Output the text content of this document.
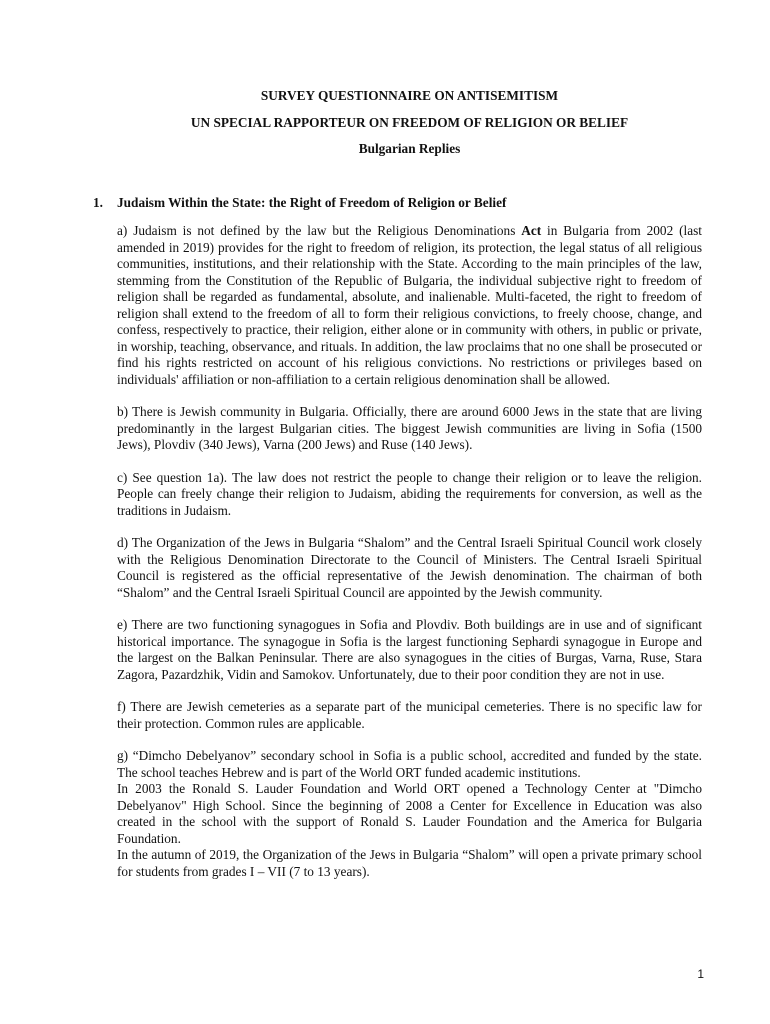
SURVEY QUESTIONNAIRE ON ANTISEMITISM
UN SPECIAL RAPPORTEUR ON FREEDOM OF RELIGION OR BELIEF
Bulgarian Replies
1. Judaism Within the State: the Right of Freedom of Religion or Belief

a) Judaism is not defined by the law but the Religious Denominations Act in Bulgaria from 2002 (last amended in 2019) provides for the right to freedom of religion, its protection, the legal status of all religious communities, institutions, and their relationship with the State. According to the main principles of the law, stemming from the Constitution of the Republic of Bulgaria, the individual subjective right to freedom of religion shall be regarded as fundamental, absolute, and inalienable. Multi-faceted, the right to freedom of religion shall extend to the freedom of all to form their religious convictions, to freely choose, change, and confess, respectively to practice, their religion, either alone or in community with others, in public or private, in worship, teaching, observance, and rituals. In addition, the law proclaims that no one shall be prosecuted or find his rights restricted on account of his religious convictions. No restrictions or privileges based on individuals' affiliation or non-affiliation to a certain religious denomination shall be allowed.

b) There is Jewish community in Bulgaria. Officially, there are around 6000 Jews in the state that are living predominantly in the largest Bulgarian cities. The biggest Jewish communities are living in Sofia (1500 Jews), Plovdiv (340 Jews), Varna (200 Jews) and Ruse (140 Jews).

c) See question 1a). The law does not restrict the people to change their religion or to leave the religion. People can freely change their religion to Judaism, abiding the requirements for conversion, as well as the traditions in Judaism.

d) The Organization of the Jews in Bulgaria “Shalom” and the Central Israeli Spiritual Council work closely with the Religious Denomination Directorate to the Council of Ministers. The Central Israeli Spiritual Council is registered as the official representative of the Jewish denomination. The chairman of both “Shalom” and the Central Israeli Spiritual Council are appointed by the Jewish community.

e) There are two functioning synagogues in Sofia and Plovdiv. Both buildings are in use and of significant historical importance. The synagogue in Sofia is the largest functioning Sephardi synagogue in Europe and the largest on the Balkan Peninsular. There are also synagogues in the cities of Burgas, Varna, Ruse, Stara Zagora, Pazardzhik, Vidin and Samokov. Unfortunately, due to their poor condition they are not in use.

f) There are Jewish cemeteries as a separate part of the municipal cemeteries. There is no specific law for their protection. Common rules are applicable.

g) “Dimcho Debelyanov” secondary school in Sofia is a public school, accredited and funded by the state. The school teaches Hebrew and is part of the World ORT funded academic institutions.

In 2003 the Ronald S. Lauder Foundation and World ORT opened a Technology Center at "Dimcho Debelyanov" High School. Since the beginning of 2008 a Center for Excellence in Education was also created in the school with the support of Ronald S. Lauder Foundation and the America for Bulgaria Foundation.

In the autumn of 2019, the Organization of the Jews in Bulgaria “Shalom” will open a private primary school for students from grades I – VII (7 to 13 years).

1
